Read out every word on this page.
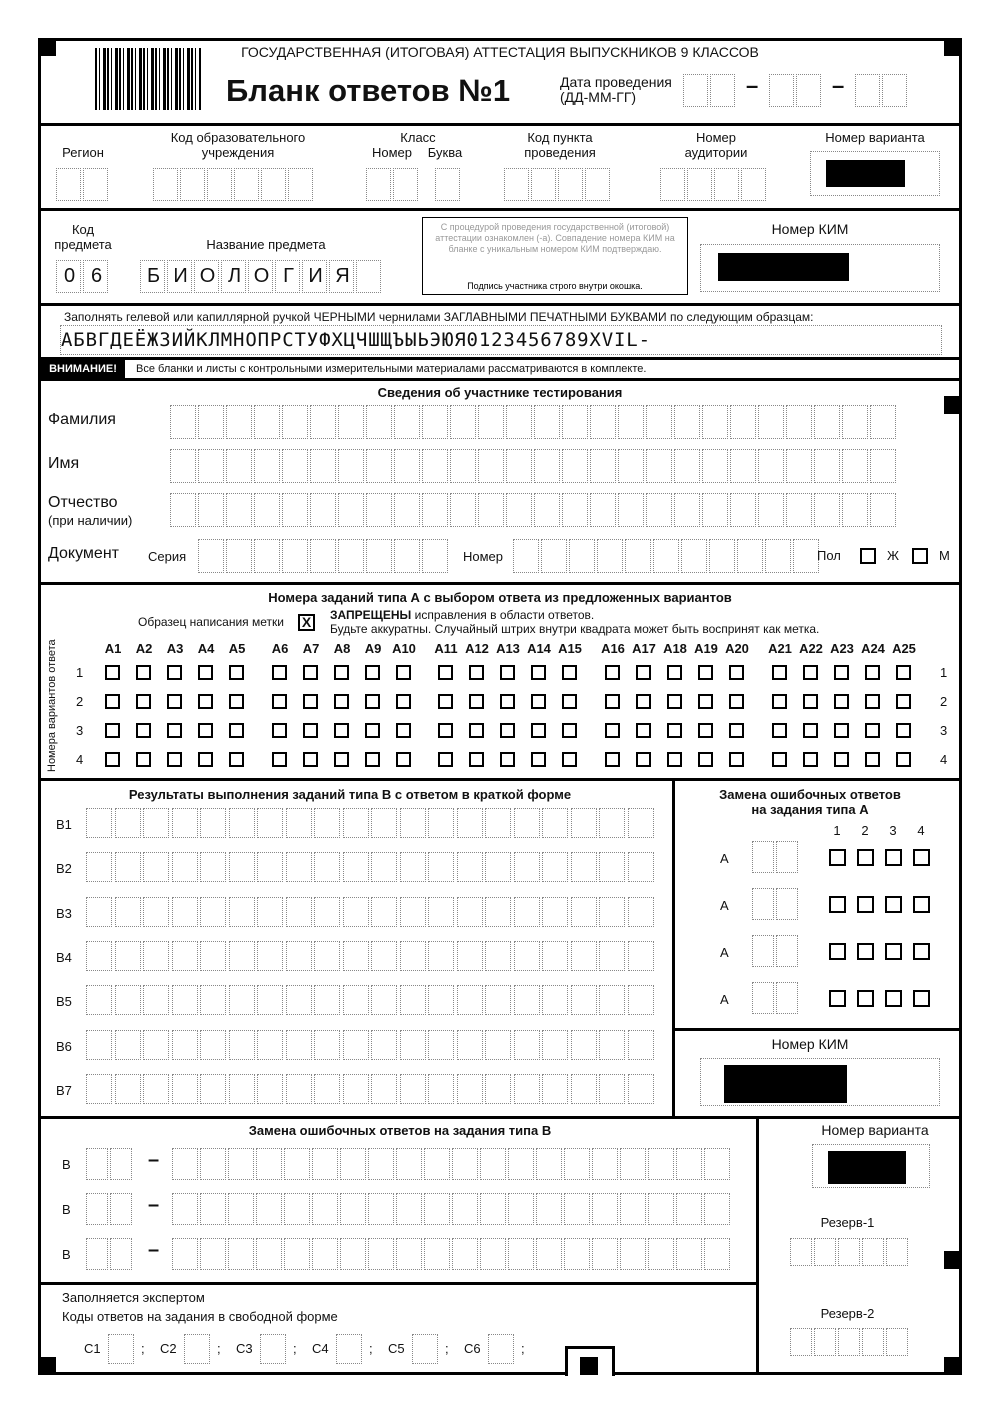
ГОСУДАРСТВЕННАЯ (ИТОГОВАЯ) АТТЕСТАЦИЯ ВЫПУСКНИКОВ 9 КЛАССОВ
Бланк ответов №1	Дата проведения
(ДД-ММ-ГГ)	–	–
Регион
Код образовательного учреждения
Класс
Номер	Буква
Код пункта проведения
Номер аудитории
Номер варианта
Код предмета
0 6
Название предмета
Б И О Л О Г И Я
С процедурой проведения государственной (итоговой) аттестации ознакомлен (-а). Совпадение номера КИМ на бланке с уникальным номером КИМ подтверждаю.
Подпись участника строго внутри окошка.
Номер КИМ
Заполнять гелевой или капиллярной ручкой ЧЕРНЫМИ чернилами ЗАГЛАВНЫМИ ПЕЧАТНЫМИ БУКВАМИ по следующим образцам:
АБВГДЕЁЖЗИЙКЛМНОПРСТУФХЦЧШЩЪЫЬЭЮЯ0123456789XVIL-
ВНИМАНИЕ!	Все бланки и листы с контрольными измерительными материалами рассматриваются в комплекте.
Сведения об участнике тестирования
Фамилия
Имя
Отчество
(при наличии)
Документ Серия	Номер	Пол	Ж	М
Номера заданий типа А с выбором ответа из предложенных вариантов
Образец написания метки X	ЗАПРЕЩЕНЫ исправления в области ответов.
Будьте аккуратны. Случайный штрих внутри квадрата может быть воспринят как метка.
Номера вариантов ответа	A1	A2	A3	A4	A5	A6	A7	A8	A9 A10 A11 A12 A13 A14 A15 A16 A17 A18 A19 A20 A21 A22 A23 A24 A25
1	1
2	2
3	3
4	4
Результаты выполнения заданий типа В с ответом в краткой форме
B1
B2
B3
B4
B5
B6
B7
Замена ошибочных ответов
на задания типа А
1	2	3	4
A
A
A
A
Номер КИМ
Замена ошибочных ответов на задания типа В
B	–
B	–
B	–
Номер варианта
Резерв-1
Резерв-2
Заполняется экспертом
Коды ответов на задания в свободной форме
C1	; C2	; C3	; C4	; C5	; C6	;
